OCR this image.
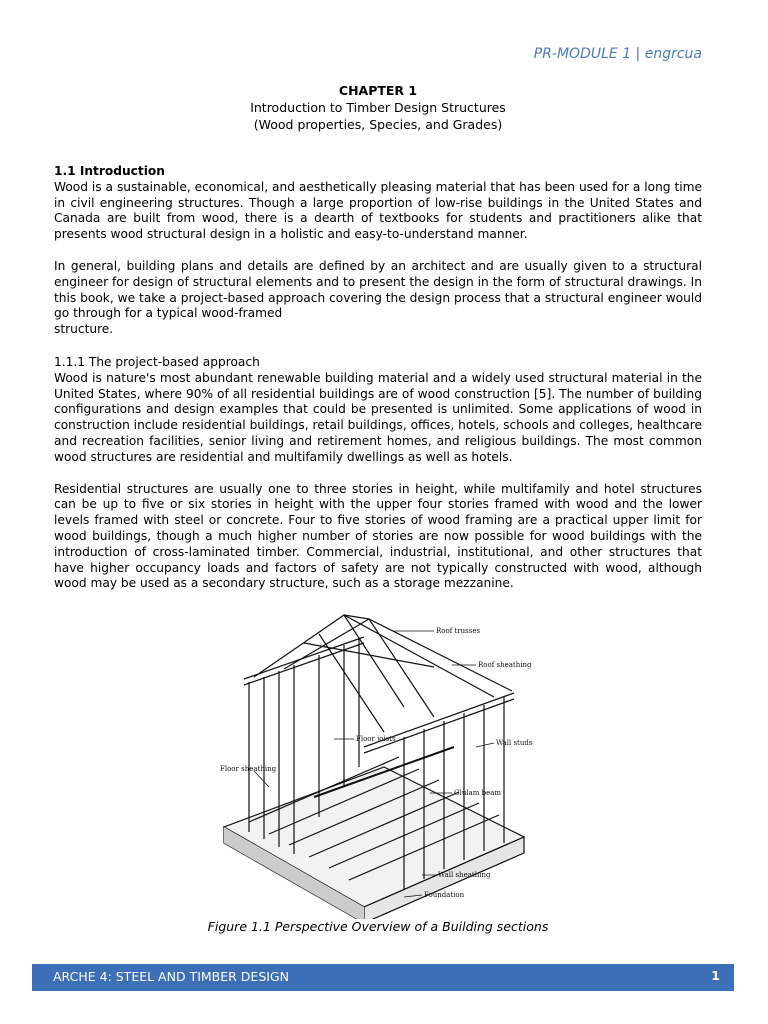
PR-MODULE 1 | engrcua
CHAPTER 1
Introduction to Timber Design Structures
(Wood properties, Species, and Grades)

1.1 Introduction

Wood is a sustainable, economical, and aesthetically pleasing material that has been used for a long time in civil engineering structures. Though a large proportion of low-rise buildings in the United States and Canada are built from wood, there is a dearth of textbooks for students and practitioners alike that presents wood structural design in a holistic and easy-to-understand manner.

In general, building plans and details are defined by an architect and are usually given to a structural engineer for design of structural elements and to present the design in the form of structural drawings. In this book, we take a project-based approach covering the design process that a structural engineer would go through for a typical wood-framed

structure.

1.1.1 The project-based approach

Wood is nature's most abundant renewable building material and a widely used structural material in the United States, where 90% of all residential buildings are of wood construction [5]. The number of building configurations and design examples that could be presented is unlimited. Some applications of wood in construction include residential buildings, retail buildings, offices, hotels, schools and colleges, healthcare and recreation facilities, senior living and retirement homes, and religious buildings. The most common wood structures are residential and multifamily dwellings as well as hotels.

Residential structures are usually one to three stories in height, while multifamily and hotel structures can be up to five or six stories in height with the upper four stories framed with wood and the lower levels framed with steel or concrete. Four to five stories of wood framing are a practical upper limit for wood buildings, though a much higher number of stories are now possible for wood buildings with the introduction of cross-laminated timber. Commercial, industrial, institutional, and other structures that have higher occupancy loads and factors of safety are not typically constructed with wood, although wood may be used as a secondary structure, such as a storage mezzanine.

Roof trusses
Roof sheathing
Wall studs
Floor joists
Floor sheathing
Glulam beam
Wall sheathing
Foundation
Figure 1.1 Perspective Overview of a Building sections
ARCHE 4: STEEL AND TIMBER DESIGN	1
